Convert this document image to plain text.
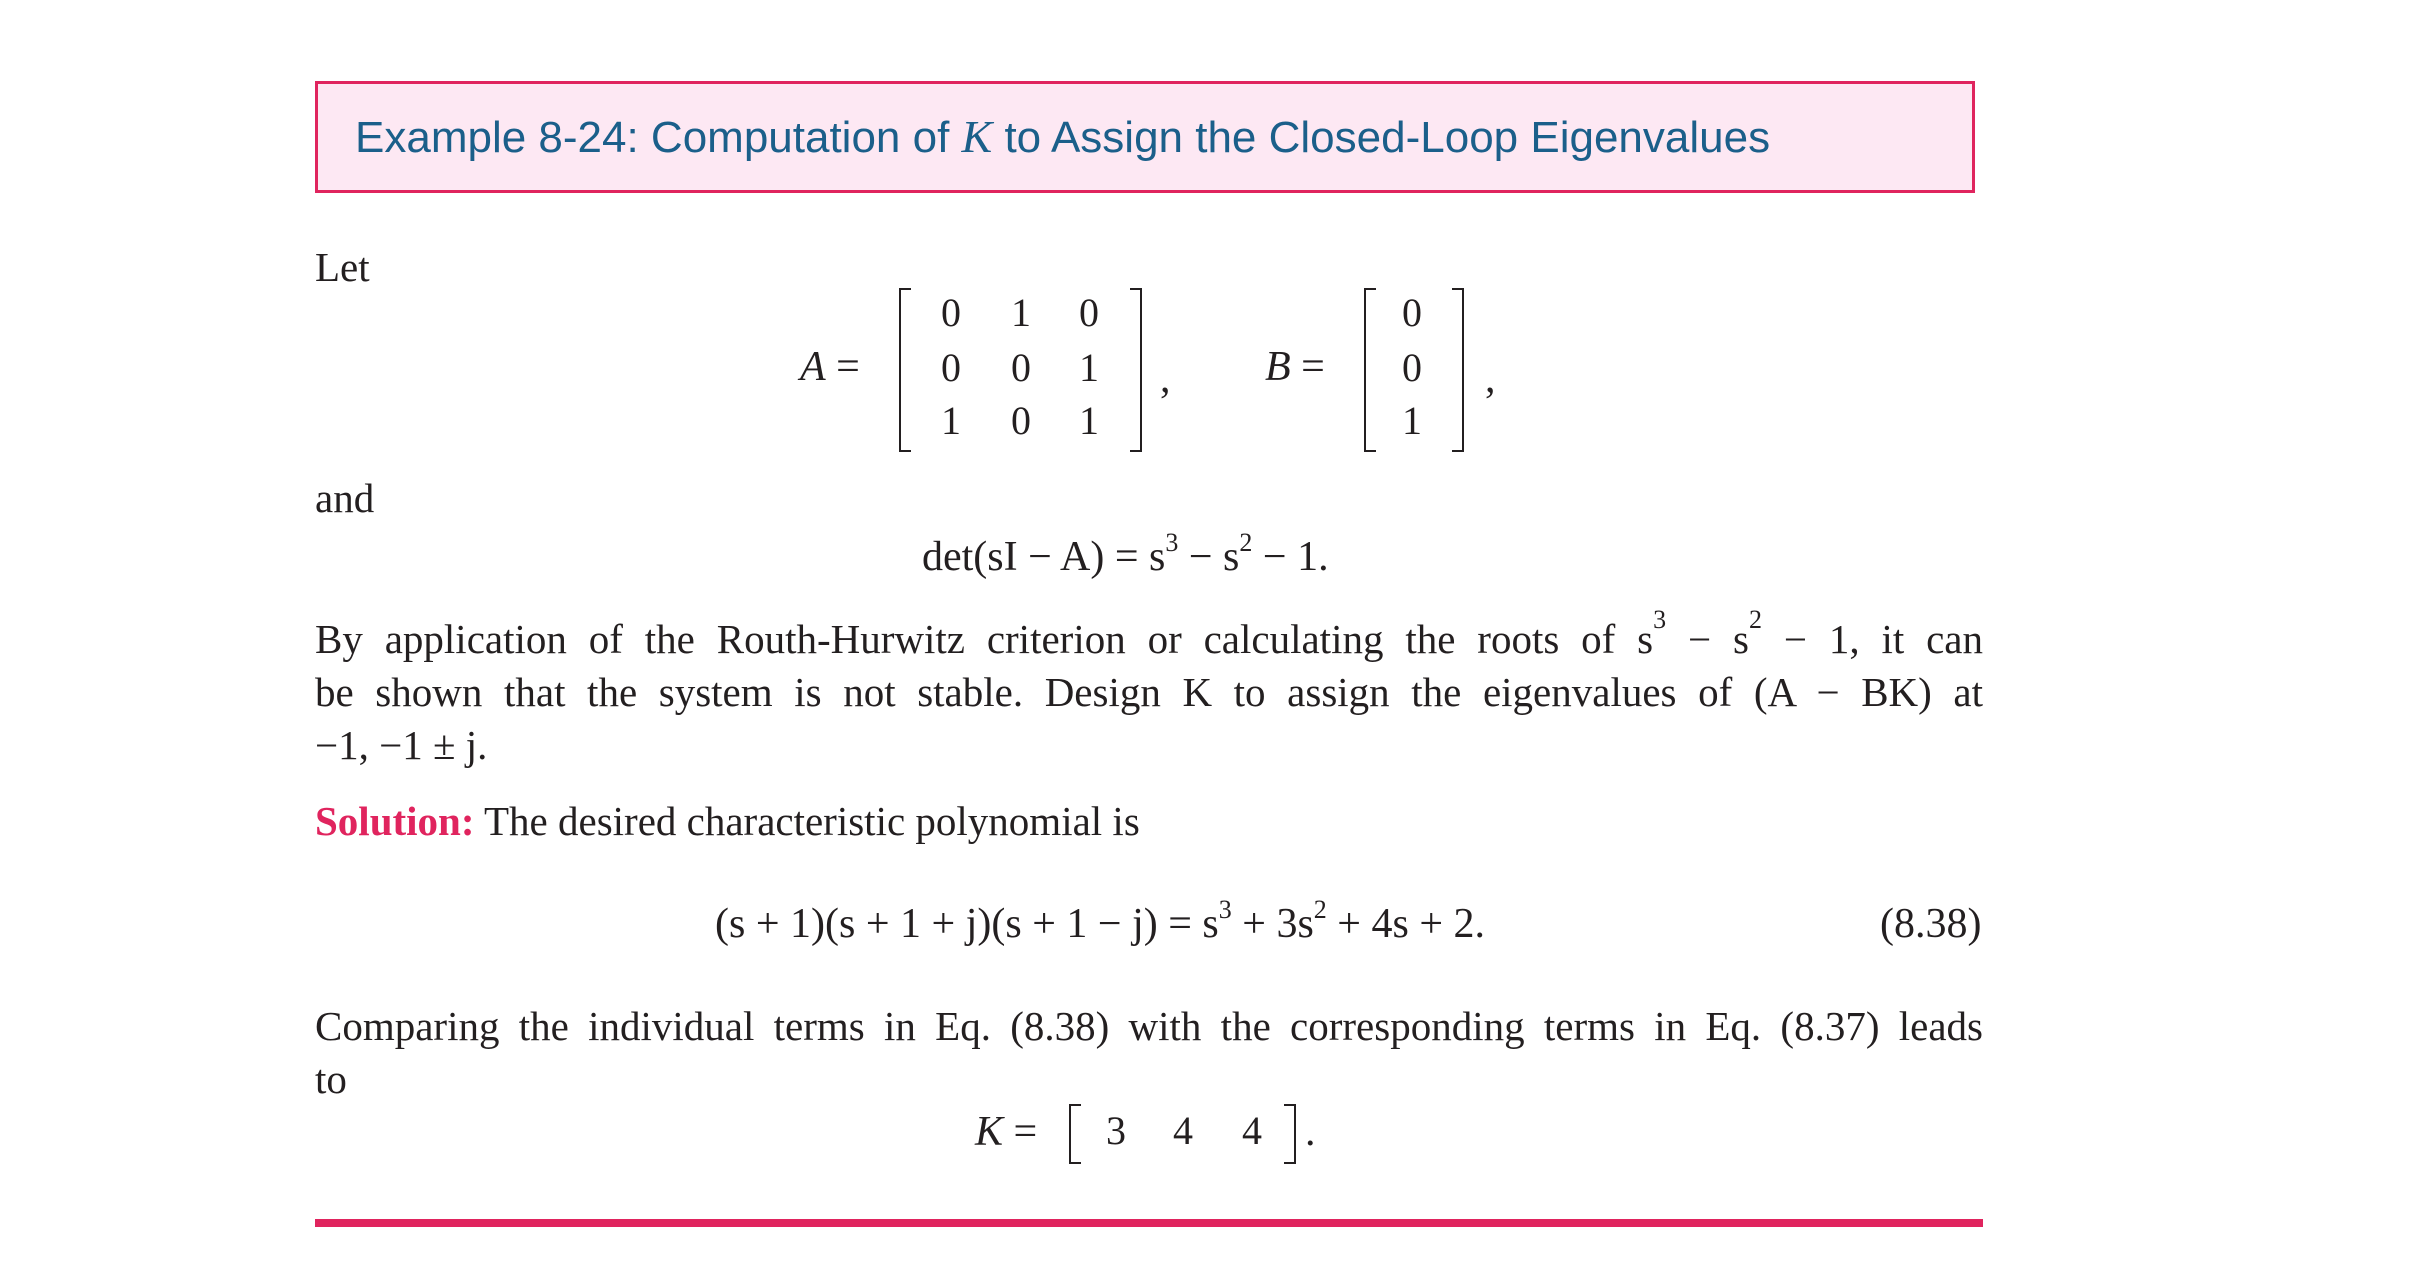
Example 8-24: Computation of K to Assign the Closed-Loop Eigenvalues
Let
A =
0 1 0
0 0 1
1 0 1
, B =
0
0
1
,
and
$\det(sI - A) = s^3 - s^2 - 1$.
By application of the Routh-Hurwitz criterion or calculating the roots of $s^3 - s^2 - 1$, it can
be shown that the system is not stable. Design K to assign the eigenvalues of (A − BK) at
−1, −1 ± j.
Solution: The desired characteristic polynomial is
$(s + 1)(s + 1 + j)(s + 1 - j) = s^3 + 3s^2 + 4s + 2$.	(8.38)
Comparing the individual terms in Eq. (8.38) with the corresponding terms in Eq. (8.37) leads
to
K = 3 4 4 .
